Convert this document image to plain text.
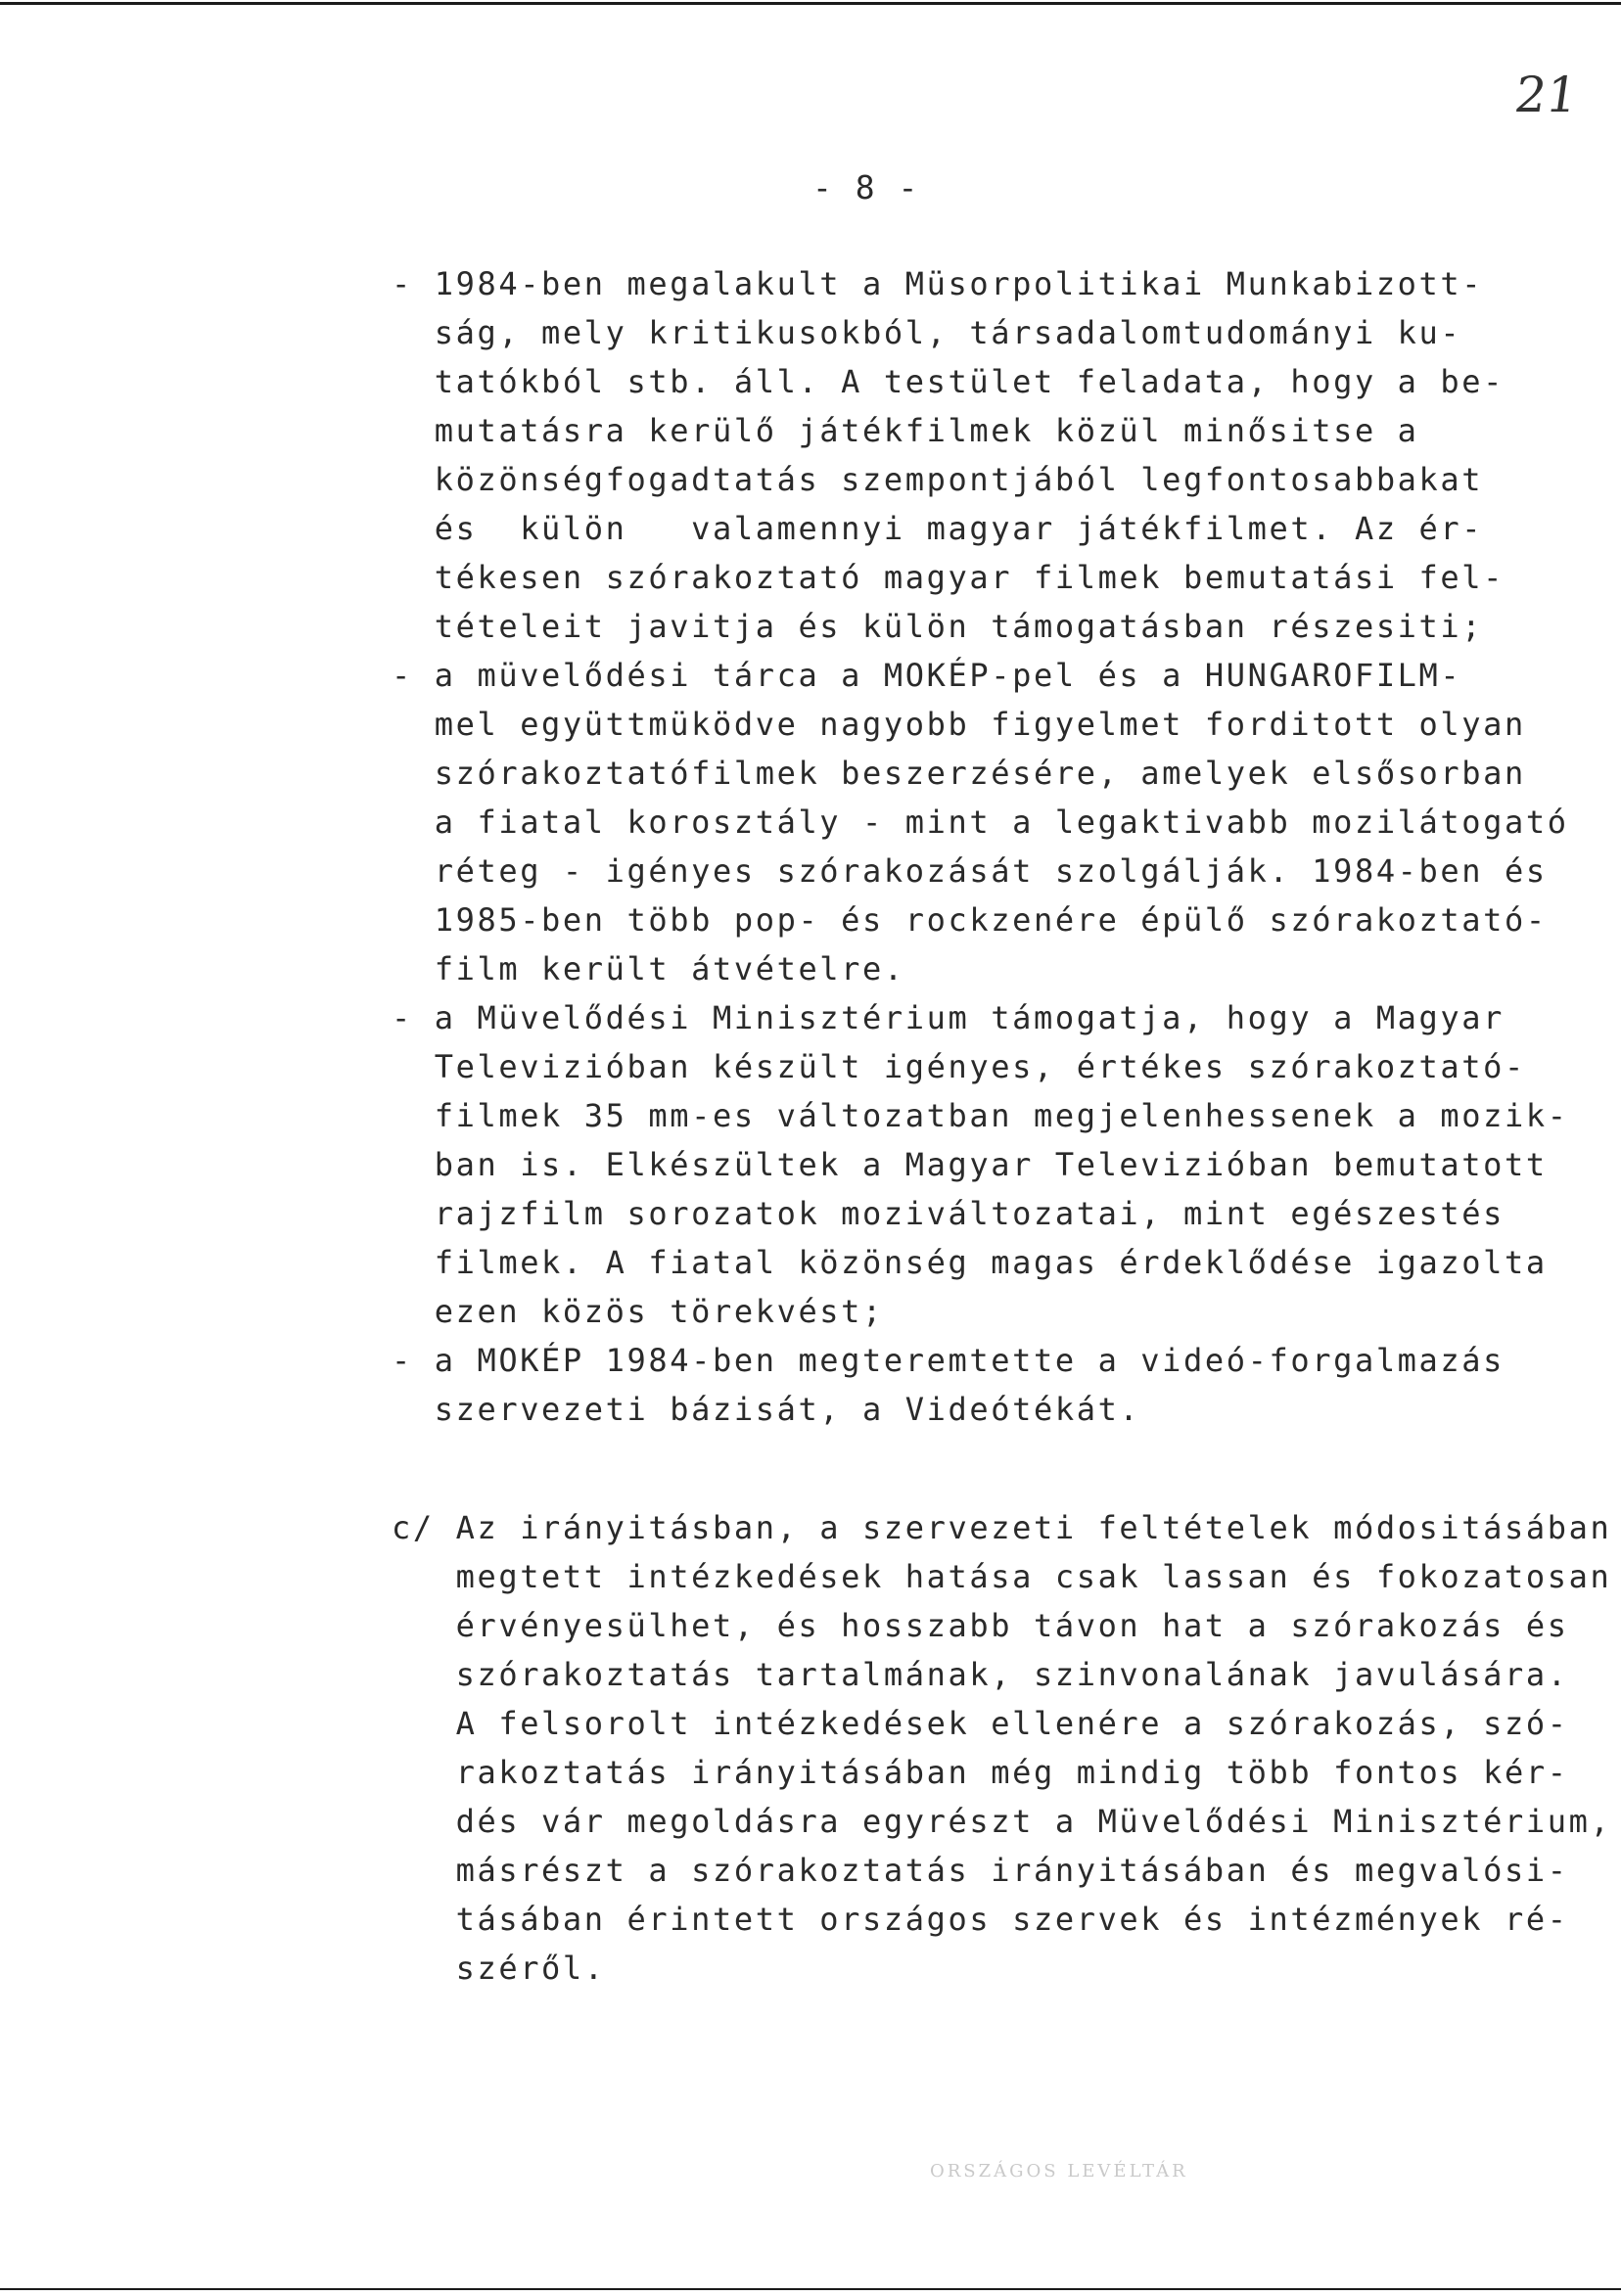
21
- 8 -
- 1984-ben megalakult a Müsorpolitikai Munkabizott-
ság, mely kritikusokból, társadalomtudományi ku-
tatókból stb. áll. A testület feladata, hogy a be-
mutatásra kerülő játékfilmek közül minősitse a
közönségfogadtatás szempontjából legfontosabbakat
és  külön   valamennyi magyar játékfilmet. Az ér-
tékesen szórakoztató magyar filmek bemutatási fel-
tételeit javitja és külön támogatásban részesiti;
- a müvelődési tárca a MOKÉP-pel és a HUNGAROFILM-
mel együttmüködve nagyobb figyelmet forditott olyan
szórakoztatófilmek beszerzésére, amelyek elsősorban
a fiatal korosztály - mint a legaktivabb mozilátogató
réteg - igényes szórakozását szolgálják. 1984-ben és
1985-ben több pop- és rockzenére épülő szórakoztató-
film került átvételre.
- a Müvelődési Minisztérium támogatja, hogy a Magyar
Televizióban készült igényes, értékes szórakoztató-
filmek 35 mm-es változatban megjelenhessenek a mozik-
ban is. Elkészültek a Magyar Televizióban bemutatott
rajzfilm sorozatok moziváltozatai, mint egészestés
filmek. A fiatal közönség magas érdeklődése igazolta
ezen közös törekvést;
- a MOKÉP 1984-ben megteremtette a videó-forgalmazás
szervezeti bázisát, a Videótékát.
c/ Az irányitásban, a szervezeti feltételek módositásában
megtett intézkedések hatása csak lassan és fokozatosan
érvényesülhet, és hosszabb távon hat a szórakozás és
szórakoztatás tartalmának, szinvonalának javulására.
A felsorolt intézkedések ellenére a szórakozás, szó-
rakoztatás irányitásában még mindig több fontos kér-
dés vár megoldásra egyrészt a Müvelődési Minisztérium,
másrészt a szórakoztatás irányitásában és megvalósi-
tásában érintett országos szervek és intézmények ré-
széről.
ORSZÁGOS LEVÉLTÁR
